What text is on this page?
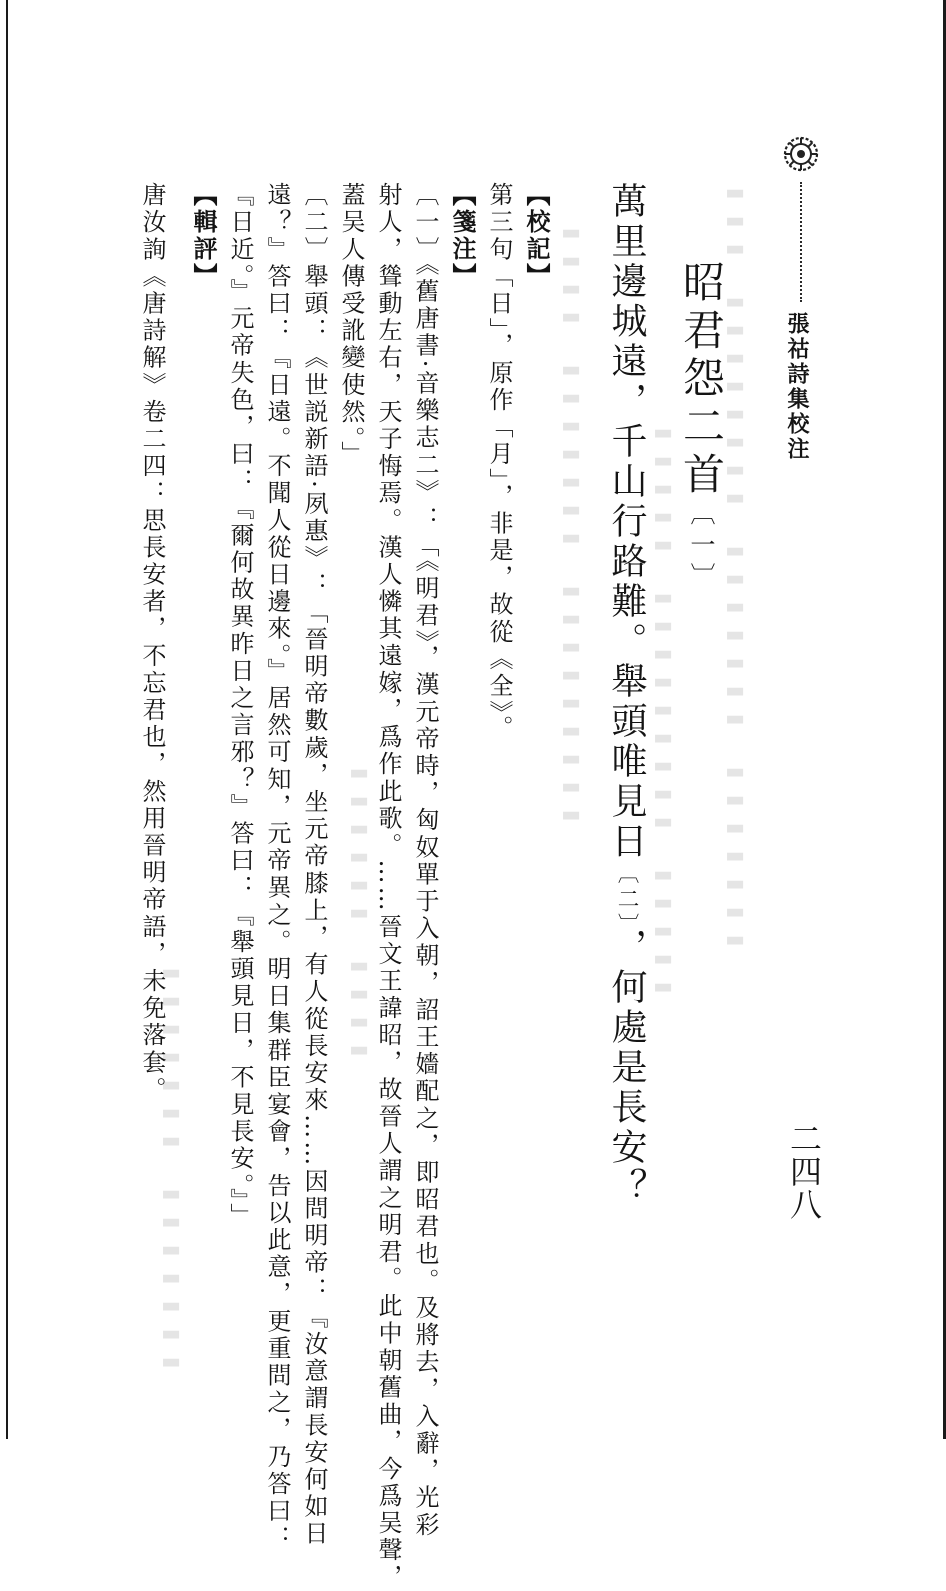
▬▬▬　▬▬▬▬▬▬▬▬　▬▬▬▬▬▬▬　▬▬▬▬▬▬▬
▬▬▬▬▬　▬▬▬▬▬▬▬▬▬　▬▬▬▬▬
▬▬▬▬　▬▬▬▬▬▬▬　▬▬▬▬▬▬▬▬▬
▬▬▬▬▬▬　▬▬▬▬
▬▬▬▬▬▬▬　▬▬▬▬▬▬▬
張祜詩集校注
二四八
昭君怨二首〔一〕
萬里邊城遠，千山行路難。舉頭唯見日〔二〕，何處是長安？
【校記】
第三句「日」，原作「月」，非是，故從《全》。
【箋注】
〔一〕《舊唐書·音樂志二》：「《明君》，漢元帝時，匈奴單于入朝，詔王嬙配之，即昭君也。及將去，入辭，光彩
射人，聳動左右，天子悔焉。漢人憐其遠嫁，爲作此歌。……晉文王諱昭，故晉人謂之明君。此中朝舊曲，今爲吴聲，
蓋吴人傳受訛變使然。」
〔二〕舉頭：《世説新語·夙惠》：「晉明帝數歲，坐元帝膝上，有人從長安來……因問明帝：『汝意謂長安何如日
遠？』答曰：『日遠。不聞人從日邊來。』居然可知，元帝異之。明日集群臣宴會，告以此意，更重問之，乃答曰：
『日近。』元帝失色，曰：『爾何故異昨日之言邪？』答曰：『舉頭見日，不見長安。』」
【輯評】
唐汝詢《唐詩解》卷二四：思長安者，不忘君也，然用晉明帝語，未免落套。
